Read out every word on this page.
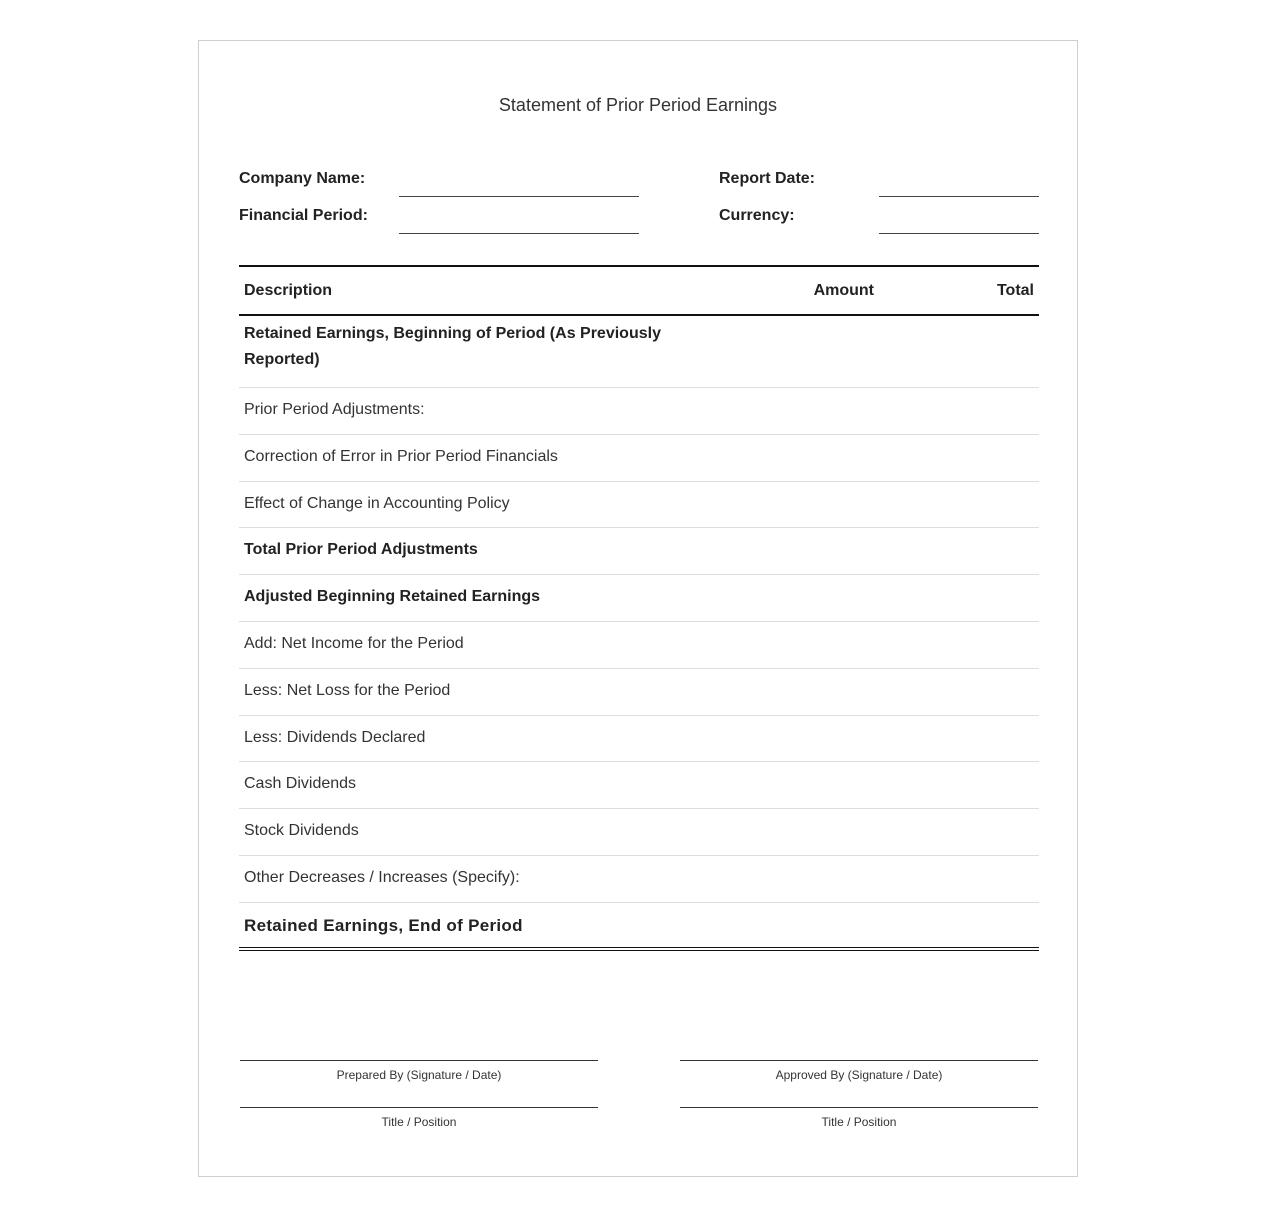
Statement of Prior Period Earnings
Company Name:	Report Date:
Financial Period:	Currency:
Description	Amount	Total
Retained Earnings, Beginning of Period (As Previously Reported)
Prior Period Adjustments:
Correction of Error in Prior Period Financials
Effect of Change in Accounting Policy
Total Prior Period Adjustments
Adjusted Beginning Retained Earnings
Add: Net Income for the Period
Less: Net Loss for the Period
Less: Dividends Declared
Cash Dividends
Stock Dividends
Other Decreases / Increases (Specify):
Retained Earnings, End of Period
Prepared By (Signature / Date)	Approved By (Signature / Date)
Title / Position	Title / Position
